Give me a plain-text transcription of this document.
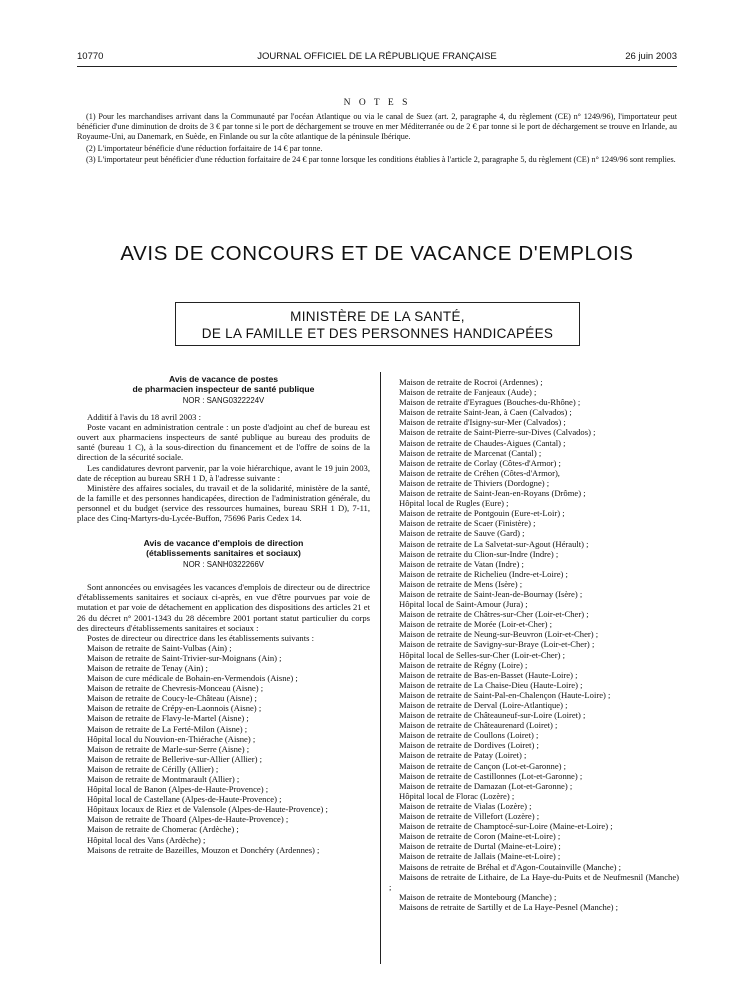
10770	JOURNAL OFFICIEL DE LA RÉPUBLIQUE FRANÇAISE	26 juin 2003
N O T E S

(1) Pour les marchandises arrivant dans la Communauté par l'océan Atlantique ou via le canal de Suez (art. 2, paragraphe 4, du règlement (CE) n° 1249/96), l'importateur peut bénéficier d'une diminution de droits de 3 € par tonne si le port de déchargement se trouve en mer Méditerranée ou de 2 € par tonne si le port de déchargement se trouve en Irlande, au Royaume-Uni, au Danemark, en Suède, en Finlande ou sur la côte atlantique de la péninsule Ibérique.

(2) L'importateur bénéficie d'une réduction forfaitaire de 14 € par tonne.

(3) L'importateur peut bénéficier d'une réduction forfaitaire de 24 € par tonne lorsque les conditions établies à l'article 2, paragraphe 5, du règlement (CE) n° 1249/96 sont remplies.

AVIS DE CONCOURS ET DE VACANCE D'EMPLOIS
MINISTÈRE DE LA SANTÉ,
DE LA FAMILLE ET DES PERSONNES HANDICAPÉES
Avis de vacance de postes
de pharmacien inspecteur de santé publique
NOR : SANG0322224V

Additif à l'avis du 18 avril 2003 :

Poste vacant en administration centrale : un poste d'adjoint au chef de bureau est ouvert aux pharmaciens inspecteurs de santé publique au bureau des produits de santé (bureau 1 C), à la sous-direction du financement et de l'offre de soins de la direction de la sécurité sociale.

Les candidatures devront parvenir, par la voie hiérarchique, avant le 19 juin 2003, date de réception au bureau SRH 1 D, à l'adresse suivante :

Ministère des affaires sociales, du travail et de la solidarité, ministère de la santé, de la famille et des personnes handicapées, direction de l'administration générale, du personnel et du budget (service des ressources humaines, bureau SRH 1 D), 7-11, place des Cinq-Martyrs-du-Lycée-Buffon, 75696 Paris Cedex 14.

Avis de vacance d'emplois de direction
(établissements sanitaires et sociaux)
NOR : SANH0322266V

Sont annoncées ou envisagées les vacances d'emplois de directeur ou de directrice d'établissements sanitaires et sociaux ci-après, en vue d'être pourvues par voie de mutation et par voie de détachement en application des dispositions des articles 21 et 26 du décret n° 2001-1343 du 28 décembre 2001 portant statut particulier du corps des directeurs d'établissements sanitaires et sociaux :

Postes de directeur ou directrice dans les établissements suivants :

Maison de retraite de Saint-Vulbas (Ain) ;
Maison de retraite de Saint-Trivier-sur-Moignans (Ain) ;
Maison de retraite de Tenay (Ain) ;
Maison de cure médicale de Bohain-en-Vermendois (Aisne) ;
Maison de retraite de Chevresis-Monceau (Aisne) ;
Maison de retraite de Coucy-le-Château (Aisne) ;
Maison de retraite de Crépy-en-Laonnois (Aisne) ;
Maison de retraite de Flavy-le-Martel (Aisne) ;
Maison de retraite de La Ferté-Milon (Aisne) ;
Hôpital local du Nouvion-en-Thiérache (Aisne) ;
Maison de retraite de Marle-sur-Serre (Aisne) ;
Maison de retraite de Bellerive-sur-Allier (Allier) ;
Maison de retraite de Cérilly (Allier) ;
Maison de retraite de Montmarault (Allier) ;
Hôpital local de Banon (Alpes-de-Haute-Provence) ;
Hôpital local de Castellane (Alpes-de-Haute-Provence) ;
Hôpitaux locaux de Riez et de Valensole (Alpes-de-Haute-Provence) ;
Maison de retraite de Thoard (Alpes-de-Haute-Provence) ;
Maison de retraite de Chomerac (Ardèche) ;
Hôpital local des Vans (Ardèche) ;
Maisons de retraite de Bazeilles, Mouzon et Donchéry (Ardennes) ;
Maison de retraite de Rocroi (Ardennes) ;
Maison de retraite de Fanjeaux (Aude) ;
Maison de retraite d'Eyragues (Bouches-du-Rhône) ;
Maison de retraite Saint-Jean, à Caen (Calvados) ;
Maison de retraite d'Isigny-sur-Mer (Calvados) ;
Maison de retraite de Saint-Pierre-sur-Dives (Calvados) ;
Maison de retraite de Chaudes-Aigues (Cantal) ;
Maison de retraite de Marcenat (Cantal) ;
Maison de retraite de Corlay (Côtes-d'Armor) ;
Maison de retraite de Créhen (Côtes-d'Armor),
Maison de retraite de Thiviers (Dordogne) ;
Maison de retraite de Saint-Jean-en-Royans (Drôme) ;
Hôpital local de Rugles (Eure) ;
Maison de retraite de Pontgouin (Eure-et-Loir) ;
Maison de retraite de Scaer (Finistère) ;
Maison de retraite de Sauve (Gard) ;
Maison de retraite de La Salvetat-sur-Agout (Hérault) ;
Maison de retraite du Clion-sur-Indre (Indre) ;
Maison de retraite de Vatan (Indre) ;
Maison de retraite de Richelieu (Indre-et-Loire) ;
Maison de retraite de Mens (Isère) ;
Maison de retraite de Saint-Jean-de-Bournay (Isère) ;
Hôpital local de Saint-Amour (Jura) ;
Maison de retraite de Châtres-sur-Cher (Loir-et-Cher) ;
Maison de retraite de Morée (Loir-et-Cher) ;
Maison de retraite de Neung-sur-Beuvron (Loir-et-Cher) ;
Maison de retraite de Savigny-sur-Braye (Loir-et-Cher) ;
Hôpital local de Selles-sur-Cher (Loir-et-Cher) ;
Maison de retraite de Régny (Loire) ;
Maison de retraite de Bas-en-Basset (Haute-Loire) ;
Maison de retraite de La Chaise-Dieu (Haute-Loire) ;
Maison de retraite de Saint-Pal-en-Chalençon (Haute-Loire) ;
Maison de retraite de Derval (Loire-Atlantique) ;
Maison de retraite de Châteauneuf-sur-Loire (Loiret) ;
Maison de retraite de Châteaurenard (Loiret) ;
Maison de retraite de Coullons (Loiret) ;
Maison de retraite de Dordives (Loiret) ;
Maison de retraite de Patay (Loiret) ;
Maison de retraite de Cançon (Lot-et-Garonne) ;
Maison de retraite de Castillonnes (Lot-et-Garonne) ;
Maison de retraite de Damazan (Lot-et-Garonne) ;
Hôpital local de Florac (Lozère) ;
Maison de retraite de Vialas (Lozère) ;
Maison de retraite de Villefort (Lozère) ;
Maison de retraite de Champtocé-sur-Loire (Maine-et-Loire) ;
Maison de retraite de Coron (Maine-et-Loire) ;
Maison de retraite de Durtal (Maine-et-Loire) ;
Maison de retraite de Jallais (Maine-et-Loire) ;
Maisons de retraite de Bréhal et d'Agon-Coutainville (Manche) ;
Maisons de retraite de Lithaire, de La Haye-du-Puits et de Neufmesnil (Manche) ;
Maison de retraite de Montebourg (Manche) ;
Maisons de retraite de Sartilly et de La Haye-Pesnel (Manche) ;
